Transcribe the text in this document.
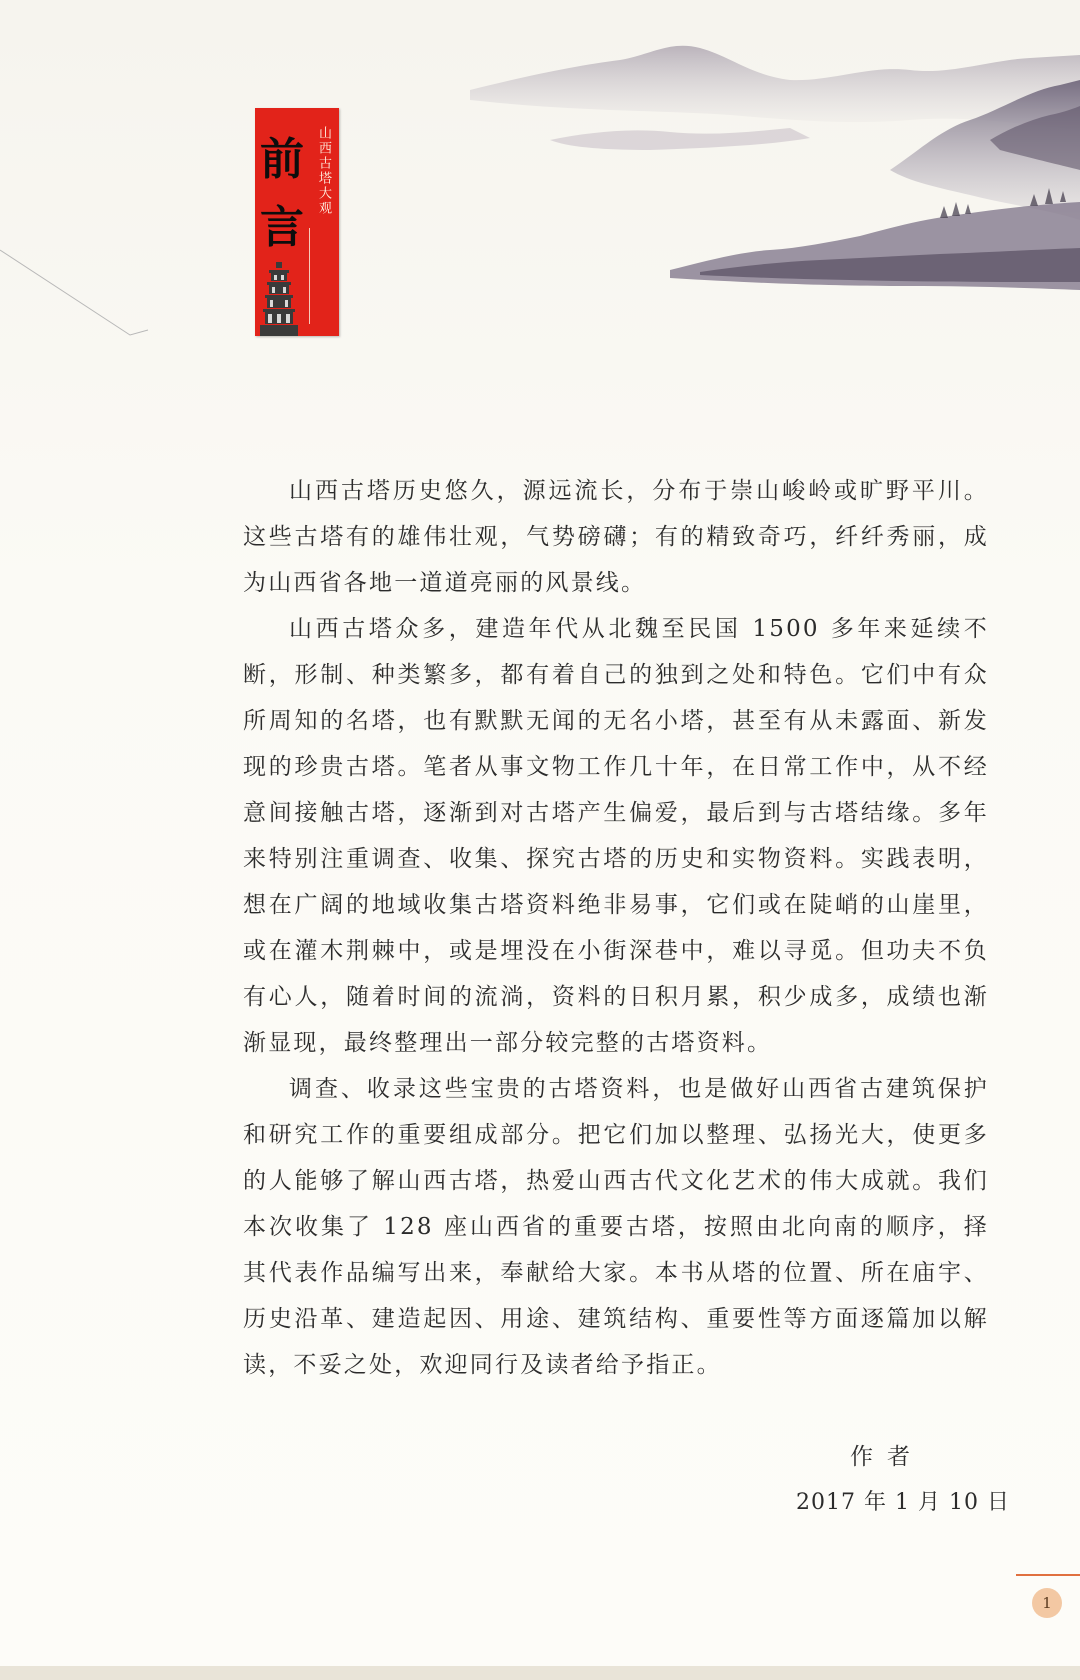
前
言
山西古塔大观

山西古塔历史悠久，源远流长，分布于崇山峻岭或旷野平川。这些古塔有的雄伟壮观，气势磅礴；有的精致奇巧，纤纤秀丽，成为山西省各地一道道亮丽的风景线。

山西古塔众多，建造年代从北魏至民国 1500 多年来延续不断，形制、种类繁多，都有着自己的独到之处和特色。它们中有众所周知的名塔，也有默默无闻的无名小塔，甚至有从未露面、新发现的珍贵古塔。笔者从事文物工作几十年，在日常工作中，从不经意间接触古塔，逐渐到对古塔产生偏爱，最后到与古塔结缘。多年来特别注重调查、收集、探究古塔的历史和实物资料。实践表明，想在广阔的地域收集古塔资料绝非易事，它们或在陡峭的山崖里，或在灌木荆棘中，或是埋没在小街深巷中，难以寻觅。但功夫不负有心人，随着时间的流淌，资料的日积月累，积少成多，成绩也渐渐显现，最终整理出一部分较完整的古塔资料。

调查、收录这些宝贵的古塔资料，也是做好山西省古建筑保护和研究工作的重要组成部分。把它们加以整理、弘扬光大，使更多的人能够了解山西古塔，热爱山西古代文化艺术的伟大成就。我们本次收集了 128 座山西省的重要古塔，按照由北向南的顺序，择其代表作品编写出来，奉献给大家。本书从塔的位置、所在庙宇、历史沿革、建造起因、用途、建筑结构、重要性等方面逐篇加以解读，不妥之处，欢迎同行及读者给予指正。

作者
2017 年 1 月 10 日
1
